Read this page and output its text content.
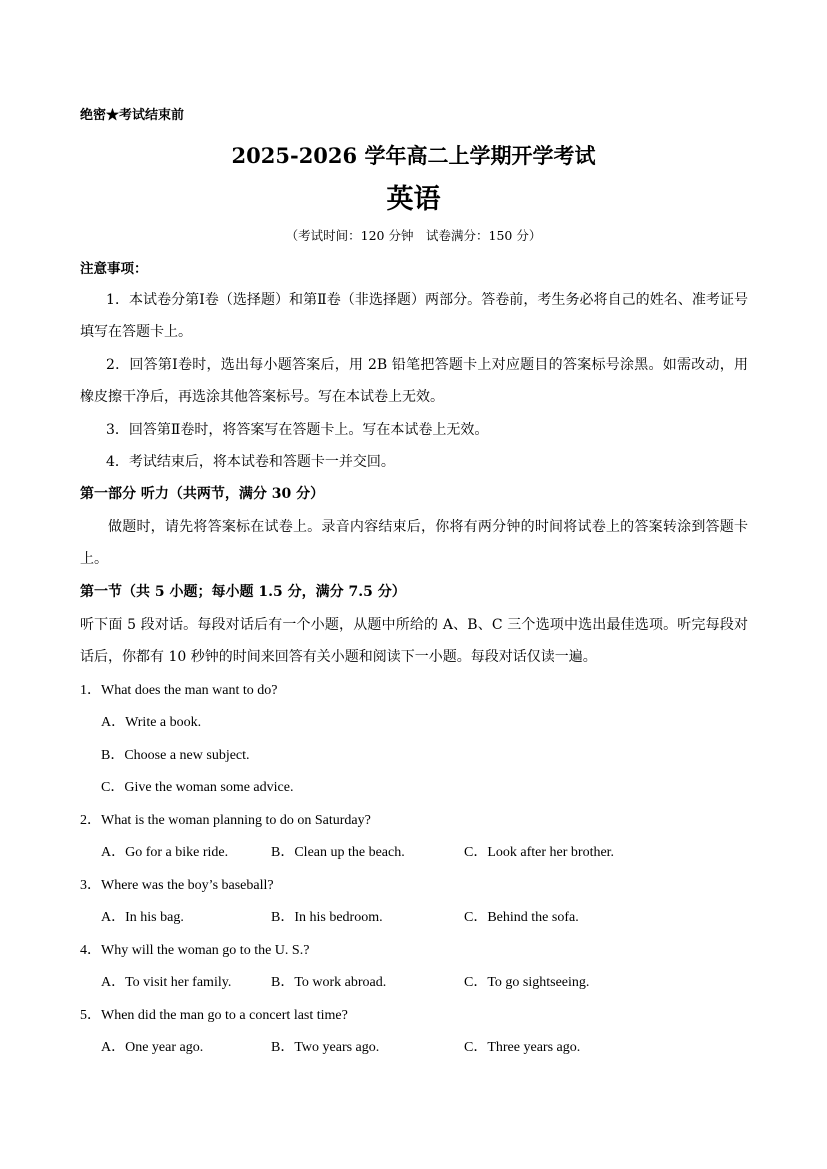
绝密★考试结束前
2025-2026 学年高二上学期开学考试
英语
（考试时间：120 分钟　试卷满分：150 分）
注意事项：
1．本试卷分第Ⅰ卷（选择题）和第Ⅱ卷（非选择题）两部分。答卷前，考生务必将自己的姓名、准考证号填写在答题卡上。
2．回答第Ⅰ卷时，选出每小题答案后，用 2B 铅笔把答题卡上对应题目的答案标号涂黑。如需改动，用橡皮擦干净后，再选涂其他答案标号。写在本试卷上无效。
3．回答第Ⅱ卷时，将答案写在答题卡上。写在本试卷上无效。
4．考试结束后，将本试卷和答题卡一并交回。
第一部分 听力（共两节，满分 30 分）
做题时，请先将答案标在试卷上。录音内容结束后，你将有两分钟的时间将试卷上的答案转涂到答题卡上。
第一节（共 5 小题；每小题 1.5 分，满分 7.5 分）
听下面 5 段对话。每段对话后有一个小题，从题中所给的 A、B、C 三个选项中选出最佳选项。听完每段对话后，你都有 10 秒钟的时间来回答有关小题和阅读下一小题。每段对话仅读一遍。
1．What does the man want to do?
A．Write a book.
B．Choose a new subject.
C．Give the woman some advice.
2．What is the woman planning to do on Saturday?
A．Go for a bike ride.	B．Clean up the beach.	C．Look after her brother.
3．Where was the boy’s baseball?
A．In his bag.	B．In his bedroom.	C．Behind the sofa.
4．Why will the woman go to the U. S.?
A．To visit her family.	B．To work abroad.	C．To go sightseeing.
5．When did the man go to a concert last time?
A．One year ago.	B．Two years ago.	C．Three years ago.
